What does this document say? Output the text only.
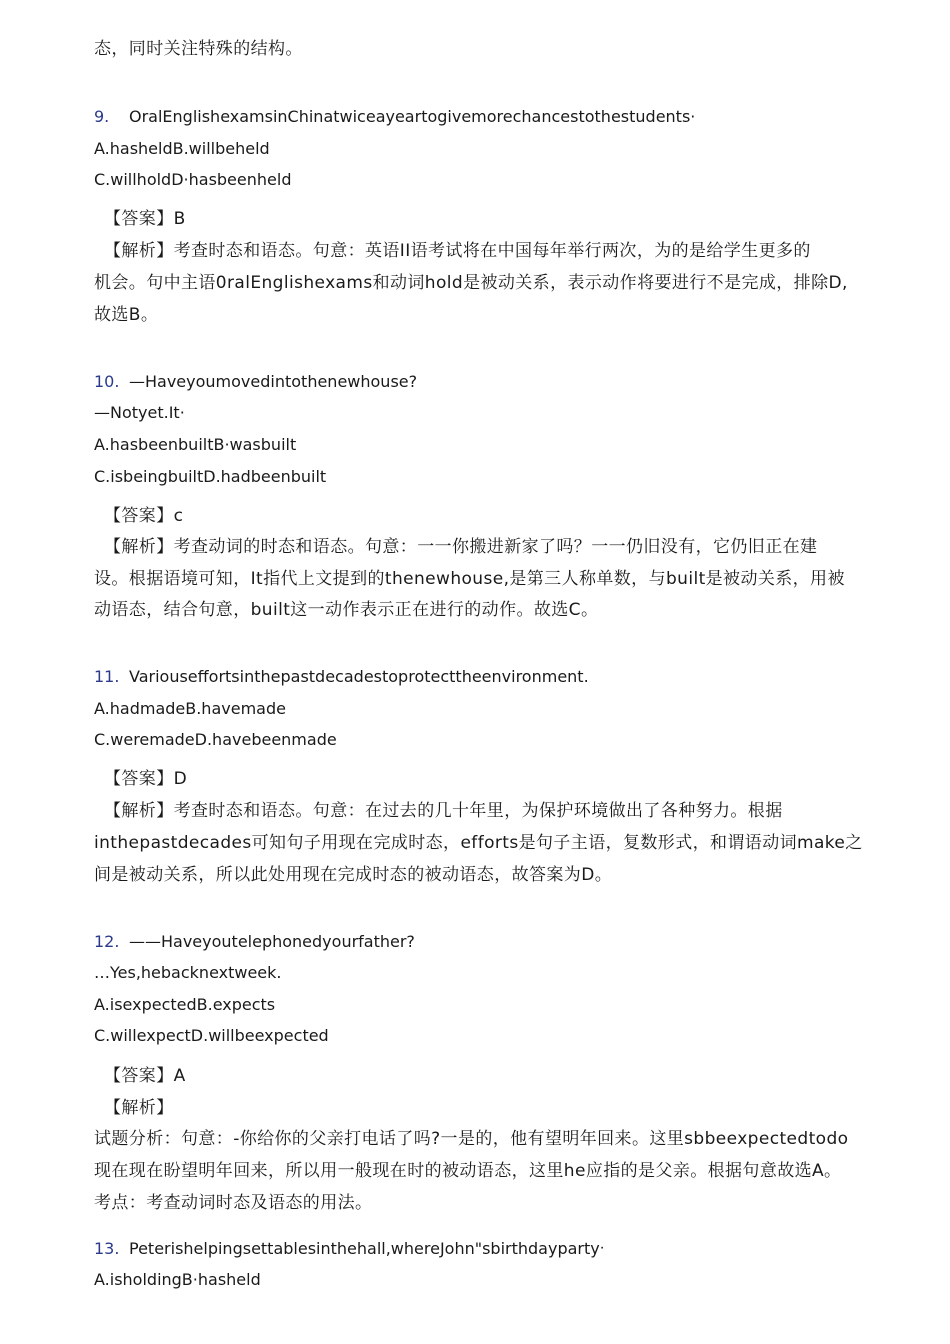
态，同时关注特殊的结构。
9. OralEnglishexamsinChinatwiceayeartogivemorechancestothestudents·
A.hasheldB.willbeheld
C.willholdD·hasbeenheld
【答案】B
【解析】考查时态和语态。句意：英语II语考试将在中国每年举行两次，为的是给学生更多的
机会。句中主语0ralEnglishexams和动词hold是被动关系，表示动作将要进行不是完成，排除D,
故选B。
10. —Haveyoumovedintothenewhouse?
—Notyet.It·
A.hasbeenbuiltB·wasbuilt
C.isbeingbuiltD.hadbeenbuilt
【答案】c
【解析】考查动词的时态和语态。句意：一一你搬进新家了吗？一一仍旧没有，它仍旧正在建
设。根据语境可知，It指代上文提到的thenewhouse,是第三人称单数，与built是被动关系，用被
动语态，结合句意，built这一动作表示正在进行的动作。故选C。
11. Variouseffortsinthepastdecadestoprotecttheenvironment.
A.hadmadeB.havemade
C.weremadeD.havebeenmade
【答案】D
【解析】考查时态和语态。句意：在过去的几十年里，为保护环境做出了各种努力。根据
inthepastdecades可知句子用现在完成时态，efforts是句子主语，复数形式，和谓语动词make之
间是被动关系，所以此处用现在完成时态的被动语态，故答案为D。
12. ——Haveyoutelephonedyourfather?
…Yes,hebacknextweek.
A.isexpectedB.expects
C.willexpectD.willbeexpected
【答案】A
【解析】
试题分析：句意：-你给你的父亲打电话了吗?一是的，他有望明年回来。这里sbbeexpectedtodo
现在现在盼望明年回来，所以用一般现在时的被动语态，这里he应指的是父亲。根据句意故选A。
考点：考查动词时态及语态的用法。
13. Peterishelpingsettablesinthehall,whereJohn"sbirthdaypartyᐧ
A.isholdingB·hasheld
